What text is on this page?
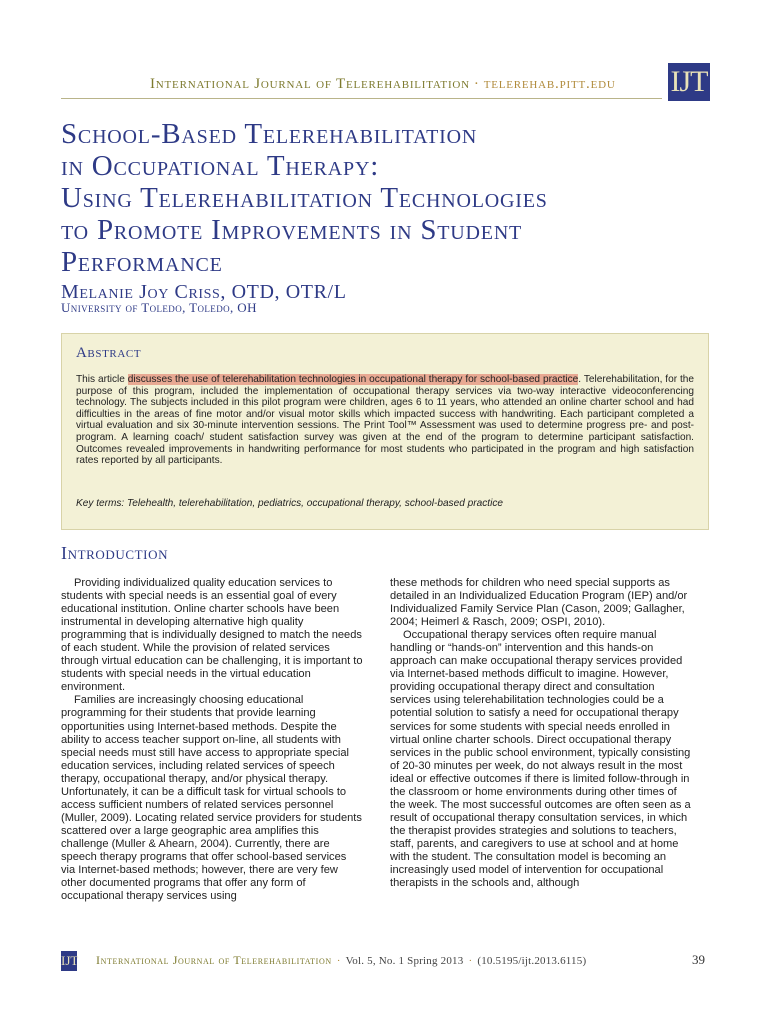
International Journal of Telerehabilitation · telerehab.pitt.edu IJT
School-Based Telerehabilitation
in Occupational Therapy:
Using Telerehabilitation Technologies
to Promote Improvements in Student
Performance
Melanie Joy Criss, OTD, OTR/L
University of Toledo, Toledo, OH
Abstract
This article discusses the use of telerehabilitation technologies in occupational therapy for school-based practice. Telerehabilitation, for the purpose of this program, included the implementation of occupational therapy services via two-way interactive videoconferencing technology. The subjects included in this pilot program were children, ages 6 to 11 years, who attended an online charter school and had difficulties in the areas of fine motor and/or visual motor skills which impacted success with handwriting. Each participant completed a virtual evaluation and six 30-minute intervention sessions. The Print Tool™ Assessment was used to determine progress pre- and post-program. A learning coach/ student satisfaction survey was given at the end of the program to determine participant satisfaction. Outcomes revealed improvements in handwriting performance for most students who participated in the program and high satisfaction rates reported by all participants.
Key terms: Telehealth, telerehabilitation, pediatrics, occupational therapy, school-based practice
Introduction

Providing individualized quality education services to students with special needs is an essential goal of every educational institution. Online charter schools have been instrumental in developing alternative high quality programming that is individually designed to match the needs of each student. While the provision of related services through virtual education can be challenging, it is important to students with special needs in the virtual education environment.

Families are increasingly choosing educational programming for their students that provide learning opportunities using Internet-based methods. Despite the ability to access teacher support on-line, all students with special needs must still have access to appropriate special education services, including related services of speech therapy, occupational therapy, and/or physical therapy. Unfortunately, it can be a difficult task for virtual schools to access sufficient numbers of related services personnel (Muller, 2009). Locating related service providers for students scattered over a large geographic area amplifies this challenge (Muller & Ahearn, 2004). Currently, there are speech therapy programs that offer school-based services via Internet-based methods; however, there are very few other documented programs that offer any form of occupational therapy services using

these methods for children who need special supports as detailed in an Individualized Education Program (IEP) and/or Individualized Family Service Plan (Cason, 2009; Gallagher, 2004; Heimerl & Rasch, 2009; OSPI, 2010).

Occupational therapy services often require manual handling or “hands-on” intervention and this hands-on approach can make occupational therapy services provided via Internet-based methods difficult to imagine. However, providing occupational therapy direct and consultation services using telerehabilitation technologies could be a potential solution to satisfy a need for occupational therapy services for some students with special needs enrolled in virtual online charter schools. Direct occupational therapy services in the public school environment, typically consisting of 20-30 minutes per week, do not always result in the most ideal or effective outcomes if there is limited follow-through in the classroom or home environments during other times of the week. The most successful outcomes are often seen as a result of occupational therapy consultation services, in which the therapist provides strategies and solutions to teachers, staff, parents, and caregivers to use at school and at home with the student. The consultation model is becoming an increasingly used model of intervention for occupational therapists in the schools and, although

IJT International Journal of Telerehabilitation · Vol. 5, No. 1 Spring 2013 · (10.5195/ijt.2013.6115)	39
